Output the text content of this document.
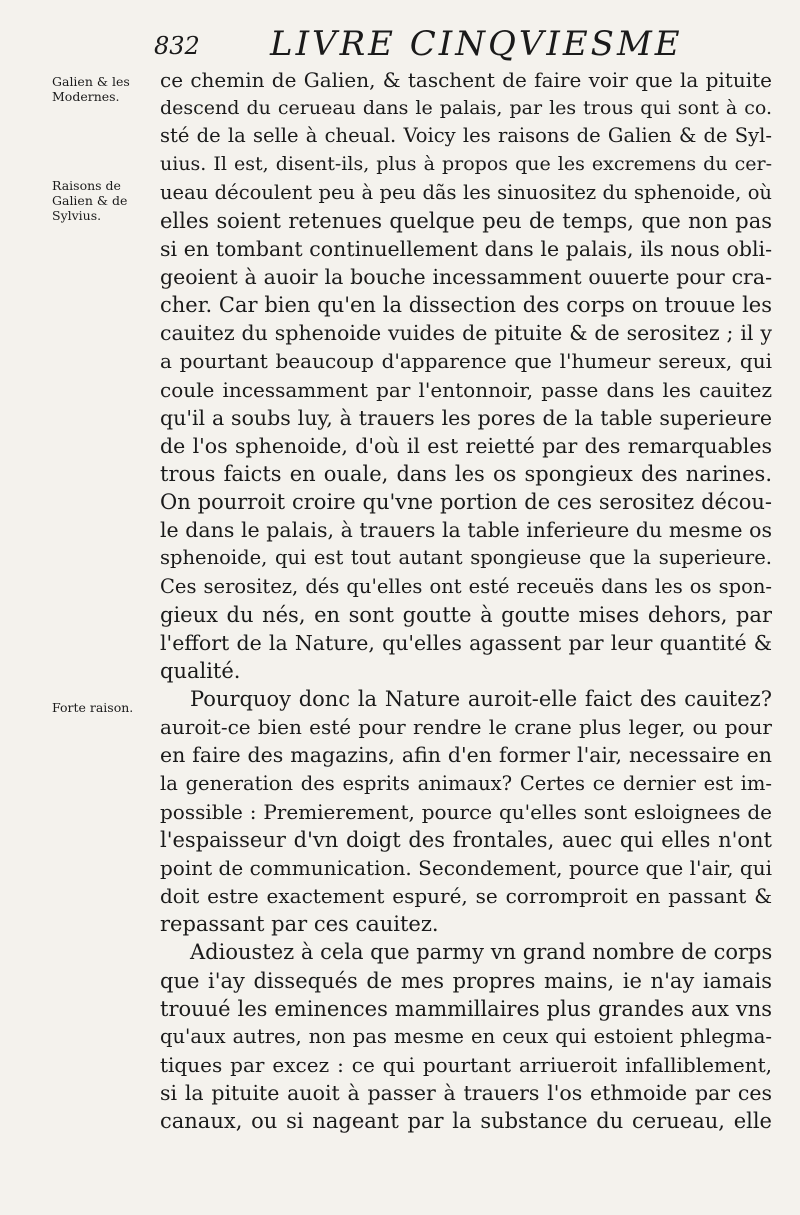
832 LIVRE CINQVIESME
Galien & les Modernes.
Raisons de Galien & de Sylvius.
Forte raison.
ce chemin de Galien, & taschent de faire voir que la pituite
descend du cerueau dans le palais, par les trous qui sont à co.
sté de la selle à cheual. Voicy les raisons de Galien & de Syl-
uius. Il est, disent-ils, plus à propos que les excremens du cer-
ueau découlent peu à peu dãs les sinuositez du sphenoide, où
elles soient retenues quelque peu de temps, que non pas
si en tombant continuellement dans le palais, ils nous obli-
geoient à auoir la bouche incessamment ouuerte pour cra-
cher. Car bien qu'en la dissection des corps on trouue les
cauitez du sphenoide vuides de pituite & de serositez ; il y
a pourtant beaucoup d'apparence que l'humeur sereux, qui
coule incessamment par l'entonnoir, passe dans les cauitez
qu'il a soubs luy, à trauers les pores de la table superieure
de l'os sphenoide, d'où il est reietté par des remarquables
trous faicts en ouale, dans les os spongieux des narines.
On pourroit croire qu'vne portion de ces serositez décou-
le dans le palais, à trauers la table inferieure du mesme os
sphenoide, qui est tout autant spongieuse que la superieure.
Ces serositez, dés qu'elles ont esté receuës dans les os spon-
gieux du nés, en sont goutte à goutte mises dehors, par
l'effort de la Nature, qu'elles agassent par leur quantité &
qualité.
Pourquoy donc la Nature auroit-elle faict des cauitez?
auroit-ce bien esté pour rendre le crane plus leger, ou pour
en faire des magazins, afin d'en former l'air, necessaire en
la generation des esprits animaux? Certes ce dernier est im-
possible : Premierement, pource qu'elles sont esloignees de
l'espaisseur d'vn doigt des frontales, auec qui elles n'ont
point de communication. Secondement, pource que l'air, qui
doit estre exactement espuré, se corromproit en passant &
repassant par ces cauitez.
Adioustez à cela que parmy vn grand nombre de corps
que i'ay dissequés de mes propres mains, ie n'ay iamais
trouué les eminences mammillaires plus grandes aux vns
qu'aux autres, non pas mesme en ceux qui estoient phlegma-
tiques par excez : ce qui pourtant arriueroit infalliblement,
si la pituite auoit à passer à trauers l'os ethmoide par ces
canaux, ou si nageant par la substance du cerueau, elle
